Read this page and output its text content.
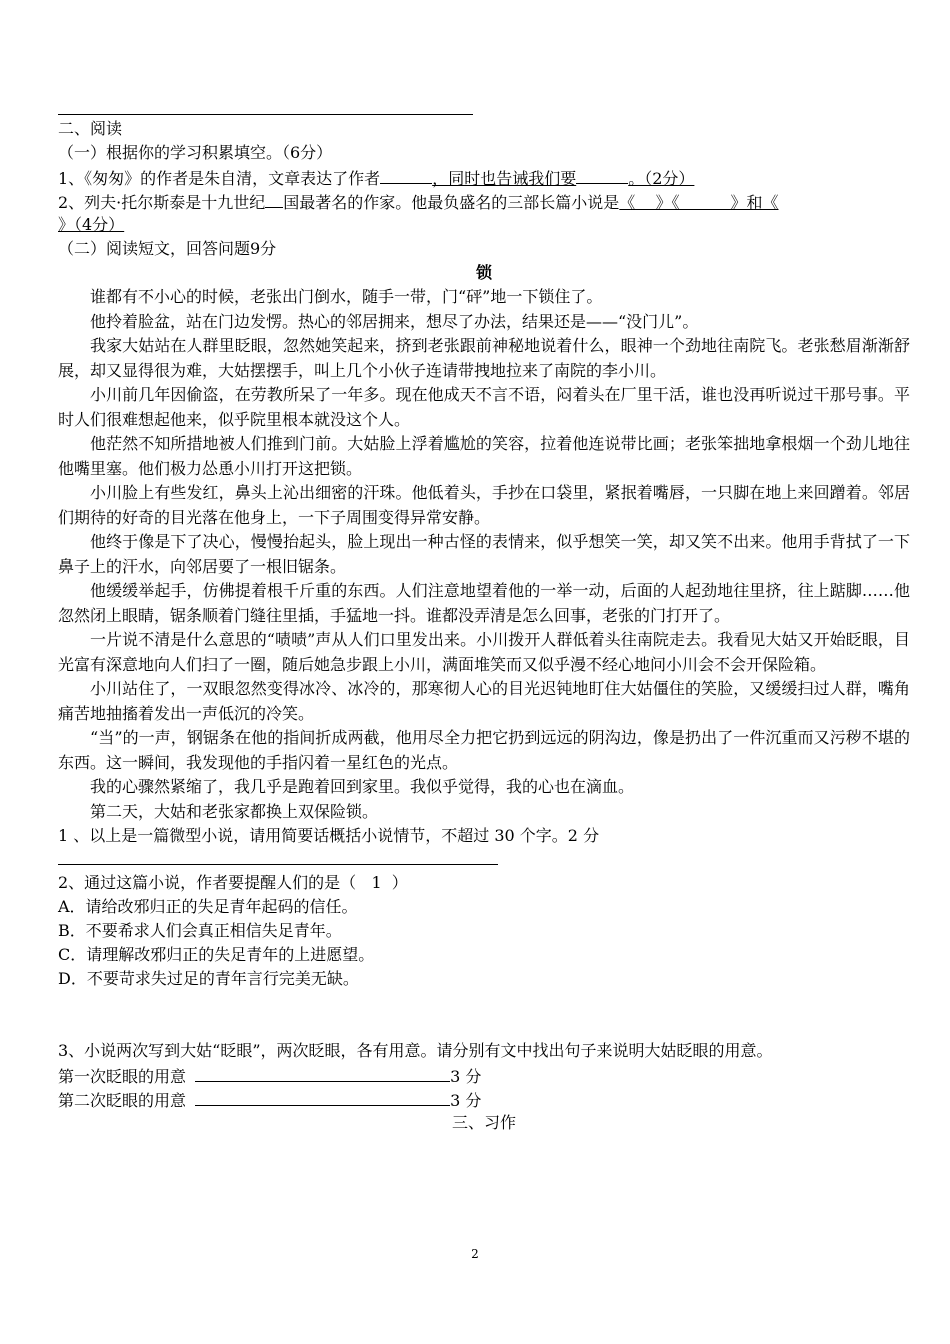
二、阅读
（一）根据你的学习积累填空。（6分）
1、《匆匆》的作者是朱自清，文章表达了作者	，同时也告诫我们要	。（2分）
2、列夫·托尔斯泰是十九世纪 国最著名的作家。他最负盛名的三部长篇小说是《    》《          》和《
》（4分）
（二）阅读短文，回答问题9分
锁

谁都有不小心的时候，老张出门倒水，随手一带，门“砰”地一下锁住了。

他拎着脸盆，站在门边发愣。热心的邻居拥来，想尽了办法，结果还是——“没门儿”。

我家大姑站在人群里眨眼，忽然她笑起来，挤到老张跟前神秘地说着什么，眼神一个劲地往南院飞。老张愁眉渐渐舒展，却又显得很为难，大姑摆摆手，叫上几个小伙子连请带拽地拉来了南院的李小川。

小川前几年因偷盗，在劳教所呆了一年多。现在他成天不言不语，闷着头在厂里干活，谁也没再听说过干那号事。平时人们很难想起他来，似乎院里根本就没这个人。

他茫然不知所措地被人们推到门前。大姑脸上浮着尴尬的笑容，拉着他连说带比画；老张笨拙地拿根烟一个劲儿地往他嘴里塞。他们极力怂恿小川打开这把锁。

小川脸上有些发红，鼻头上沁出细密的汗珠。他低着头，手抄在口袋里，紧抿着嘴唇，一只脚在地上来回蹭着。邻居们期待的好奇的目光落在他身上，一下子周围变得异常安静。

他终于像是下了决心，慢慢抬起头，脸上现出一种古怪的表情来，似乎想笑一笑，却又笑不出来。他用手背拭了一下鼻子上的汗水，向邻居要了一根旧锯条。

他缓缓举起手，仿佛提着根千斤重的东西。人们注意地望着他的一举一动，后面的人起劲地往里挤，往上踮脚……他忽然闭上眼睛，锯条顺着门缝往里插，手猛地一抖。谁都没弄清是怎么回事，老张的门打开了。

一片说不清是什么意思的“啧啧”声从人们口里发出来。小川拨开人群低着头往南院走去。我看见大姑又开始眨眼，目光富有深意地向人们扫了一圈，随后她急步跟上小川，满面堆笑而又似乎漫不经心地问小川会不会开保险箱。

小川站住了，一双眼忽然变得冰冷、冰冷的，那寒彻人心的目光迟钝地盯住大姑僵住的笑脸，又缓缓扫过人群，嘴角痛苦地抽搐着发出一声低沉的冷笑。

“当”的一声，钢锯条在他的指间折成两截，他用尽全力把它扔到远远的阴沟边，像是扔出了一件沉重而又污秽不堪的东西。这一瞬间，我发现他的手指闪着一星红色的光点。

我的心骤然紧缩了，我几乎是跑着回到家里。我似乎觉得，我的心也在滴血。

第二天，大姑和老张家都换上双保险锁。

1 、以上是一篇微型小说，请用简要话概括小说情节，不超过 30 个字。2 分
2、通过这篇小说，作者要提醒人们的是（   1  ）
A．请给改邪归正的失足青年起码的信任。
B．不要希求人们会真正相信失足青年。
C．请理解改邪归正的失足青年的上进愿望。
D．不要苛求失过足的青年言行完美无缺。
3、小说两次写到大姑“眨眼”，两次眨眼，各有用意。请分别有文中找出句子来说明大姑眨眼的用意。
第一次眨眼的用意	3 分
第二次眨眼的用意	3 分
三、习作
2
